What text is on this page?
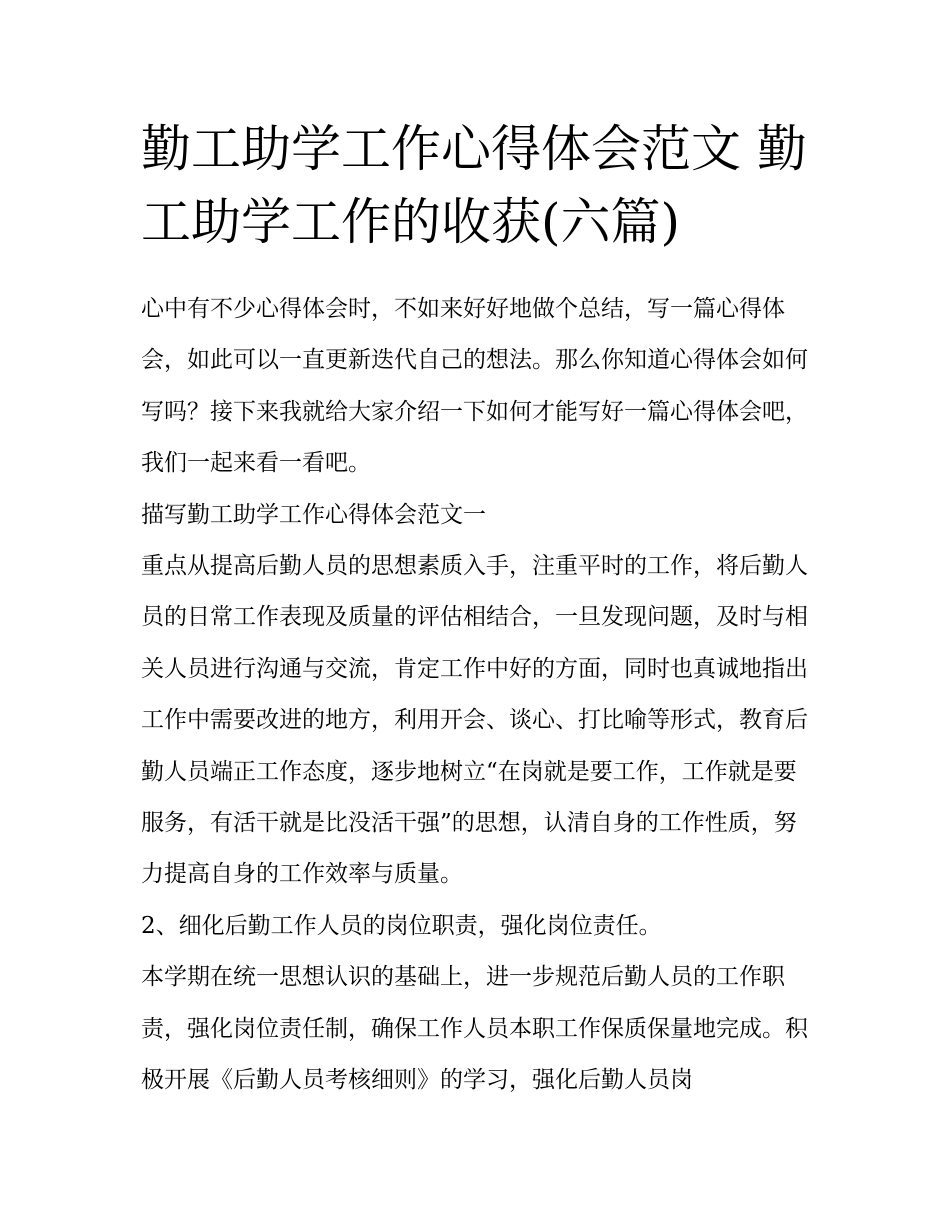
勤工助学工作心得体会范文 勤工助学工作的收获(六篇)

心中有不少心得体会时，不如来好好地做个总结，写一篇心得体会，如此可以一直更新迭代自己的想法。那么你知道心得体会如何写吗？接下来我就给大家介绍一下如何才能写好一篇心得体会吧，我们一起来看一看吧。

描写勤工助学工作心得体会范文一

重点从提高后勤人员的思想素质入手，注重平时的工作，将后勤人员的日常工作表现及质量的评估相结合，一旦发现问题，及时与相关人员进行沟通与交流，肯定工作中好的方面，同时也真诚地指出工作中需要改进的地方，利用开会、谈心、打比喻等形式，教育后勤人员端正工作态度，逐步地树立“在岗就是要工作，工作就是要服务，有活干就是比没活干强”的思想，认清自身的工作性质，努力提高自身的工作效率与质量。

2、细化后勤工作人员的岗位职责，强化岗位责任。

本学期在统一思想认识的基础上，进一步规范后勤人员的工作职责，强化岗位责任制，确保工作人员本职工作保质保量地完成。积极开展《后勤人员考核细则》的学习，强化后勤人员岗
